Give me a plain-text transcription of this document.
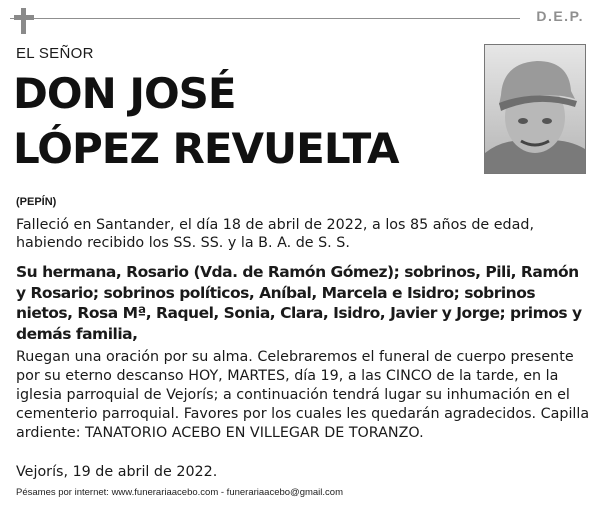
D.E.P.
EL SEÑOR
DON JOSÉ
LÓPEZ REVUELTA
(PEPÍN)
Falleció en Santander, el día 18 de abril de 2022, a los 85 años de edad, habiendo recibido los SS. SS. y la B. A. de S. S.
Su hermana, Rosario (Vda. de Ramón Gómez); sobrinos, Pili, Ramón y Rosario; sobrinos políticos, Aníbal, Marcela e Isidro; sobrinos nietos, Rosa Mª, Raquel, Sonia, Clara, Isidro, Javier y Jorge; primos y demás familia,
Ruegan una oración por su alma. Celebraremos el funeral de cuerpo presente por su eterno descanso HOY, MARTES, día 19, a las CINCO de la tarde, en la iglesia parroquial de Vejorís; a continuación tendrá lugar su inhumación en el cementerio parroquial. Favores por los cuales les quedarán agradecidos. Capilla ardiente: TANATORIO ACEBO EN VILLEGAR DE TORANZO.
Vejorís, 19 de abril de 2022.
Pésames por internet: www.funerariaacebo.com - funerariaacebo@gmail.com
